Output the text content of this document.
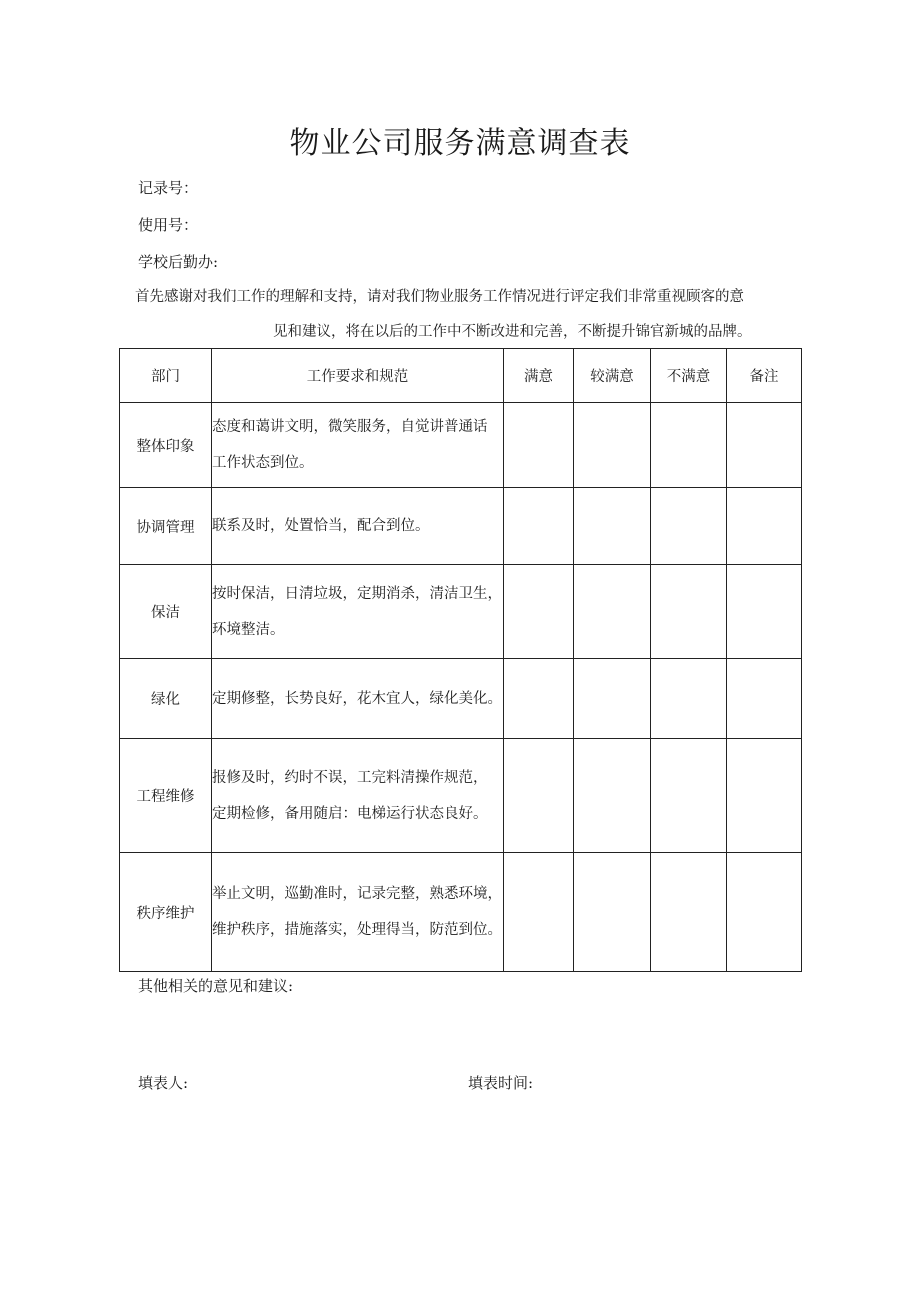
物业公司服务满意调查表
记录号：
使用号：
学校后勤办:
首先感谢对我们工作的理解和支持，请对我们物业服务工作情况进行评定我们非常重视顾客的意
见和建议，将在以后的工作中不断改进和完善，不断提升锦官新城的品牌。
部门	工作要求和规范	满意	较满意	不满意	备注
整体印象	态度和蔼讲文明，微笑服务，自觉讲普通话
工作状态到位。				

协调管理	联系及时，处置恰当，配合到位。				

保洁	按时保洁，日清垃圾，定期消杀，清洁卫生，
环境整洁。				

绿化	定期修整，长势良好，花木宜人，绿化美化。				

工程维修	报修及时，约时不误，工完料清操作规范，
定期检修，备用随启：电梯运行状态良好。				

秩序维护	举止文明，巡勤准时，记录完整，熟悉环境，
维护秩序，措施落实，处理得当，防范到位。				

其他相关的意见和建议:
填表人:	填表时间:
